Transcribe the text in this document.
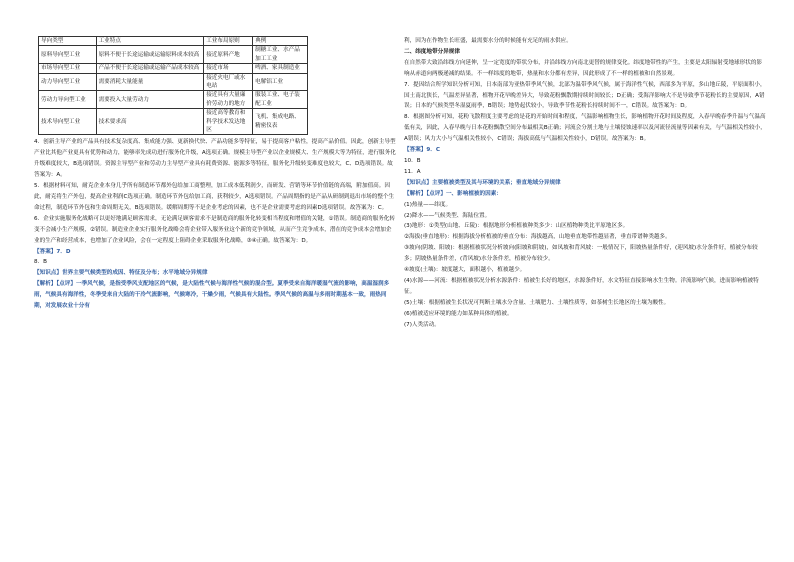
导向类型	工业特点	工业布局原则	典例
原料导向型工业	原料不便于长途运输或运输原料成本较高	接近原料产地	制糖工业、水产品加工工业
市场导向型工业	产品不便于长途运输或运输产品成本较高	接近市场	啤酒、家具制造业
动力导向型工业	需要消耗大量能量	接近火电厂或水电站	电解铝工业
劳动力导向型工业	需要投入大量劳动力	接近具有大量廉价劳动力的地方	服装工业、电子装配工业
技术导向型工业	技术要求高	接近高等教育和科学技术发达地区	飞机、集成电路、精密仪表

4．创新主导产业的产品具有技术复杂度高、集成能力强、更新换代快、产品功能多等特征，易于提高客户粘性，提高产品价值。因此，创新主导型产业比其他产业更具有优势和动力，能够率先成功进行服务化升级，A选项正确。规模主导型产业以企业规模大、生产规模大等为特征，进行服务化升级难度较大，B选项错误。资源主导型产业和劳动力主导型产业具有耗费资源、能源多等特征，服务化升级转变难度也较大，C、D选项错误。故答案为：A。

5．根据材料可知，耐克企业本身几乎所有制造环节都外包给加工商整理，加工成本低利润少，而研发、营销等环节价值链的高端，附加值高。因此，耐克将生产外包，提高企业利润C选项正确。制造环节外包给加工商，获利较少，A选项错误。产品周期指的是产品从研制到退出市场的整个生命过程，制造环节外包和生命周期无关，B选项错误。缓解周期等不是企业考虑的因素，也不是企业需要考虑的因素D选项错误。故答案为：C。

6．企业实施服务化战略可以更好地满足顾客需求，无论满足顾客需求不是制造商的服务化转变相当程度和增值的关键，①错误。制造商的服务化转变不会减小生产规模，②错误。制造业企业实行服务化战略会将企业带入服务业这个新的竞争领域，从而产生竞争成本，潜在的竞争成本会增加企业的生产和经营成本，也增加了企业风险，会在一定程度上阻碍企业采取服务化战略，③④正确。故答案为：D。

【答案】7．D

8．B

【知识点】世界主要气候类型的成因、特征及分布；水平地域分异规律

【解析】【点评】一季风气候，是指受季风支配地区的气候，是大陆性气候与海洋性气候的混合型。夏季受来自海洋暖湿气流的影响，高温湿润多雨，气候具有海洋性，冬季受来自大陆的干冷气流影响，气候寒冷，干燥少雨，气候具有大陆性。季风气候的高温与多雨时期基本一致，雨热同期，对发展农业十分有

利，因为在作物生长旺盛，最需要水分的时候能有充足的雨水供应。

二、纬度地带分异规律

在自然带大致沿纬线方向延伸，呈一定宽度的带状分布，并沿纬线方向南北更替的规律变化。纬度地带性的产生，主要是太阳辐射受地球形状的影响从赤道向两极递减的结果。不一样纬度的地带，热量和水分都有差异，因此形成了不一样的植被和自然景观。

7．提因结合所学知识分析可知，日本南部为亚热带季风气候，北部为温带季风气候，属于海洋性气候，西部多为平原，多山地丘陵，平原面积小，国土南北狭长，气温差异显著，植物开花早晚差异大，导致花粉飘散期持续时间较长；D正确；受海洋影响大不是导致季节花粉长的主要原因，A错误；日本的气候类型冬湿夏雨季，B错误；地势起伏较小，导致季节性花粉长持续时间不一，C错误。故答案为：D。

8．根据图分析可知，花粉飞散程度主要考虑的是花的开始时间和程度，气温影响植物生长，影响植物开花时间及程度，入春早晚春季升温与气温高低有关，因此，入春早晚与日本花粉飘散空间分布最相关B正确；河流会分割土地与土壤侵蚀速率以及河流径流量等因素有关，与气温相关性较小，A错误；风力大小与气温相关性较小，C错误；海拔高低与气温相关性较小，D错误。故答案为：B。

【答案】9．C

10．B

11．A

【知识点】主要植被类型及其与环境的关系；垂直地域分异规律

【解析】【点评】一、影响植被的因素：

(1)热量——纬度。

(2)降水——气候类型、海陆位置。

(3)地形：①类型(山地、丘陵)：根据地形分析植被种类多少：山区植物种类比平原地区多。

②海拔(垂直地形)：根据海拔分析植被的垂直分布：海拔越高，山地垂直地带性越显著，垂直带谱种类越多。

③坡向(阴坡、阳坡)：根据植被状况分析坡向(阳坡和阴坡)，如凤坡和背风坡：一般情况下，阳坡热量条件好，(迎风坡)水分条件好，植被分布较多；阴坡热量条件差，(背风坡)水分条件差，植被分布较少。

④坡度(土壤)：坡度越大，面积越小，植被越少。

(4)水源——河流：根据植被状况分析水源条件：植被生长好的地区，水源条件好，水文特征直接影响水生生物。洋流影响气候，进而影响植被特征。

(5)土壤：根据植被生长状况可判断土壤水分含量、土壤肥力、土壤性质等，如茶树生长地区的土壤为酸性。

(6)植被适应环境的能力如某种具体的植被。

(7)人类活动。
